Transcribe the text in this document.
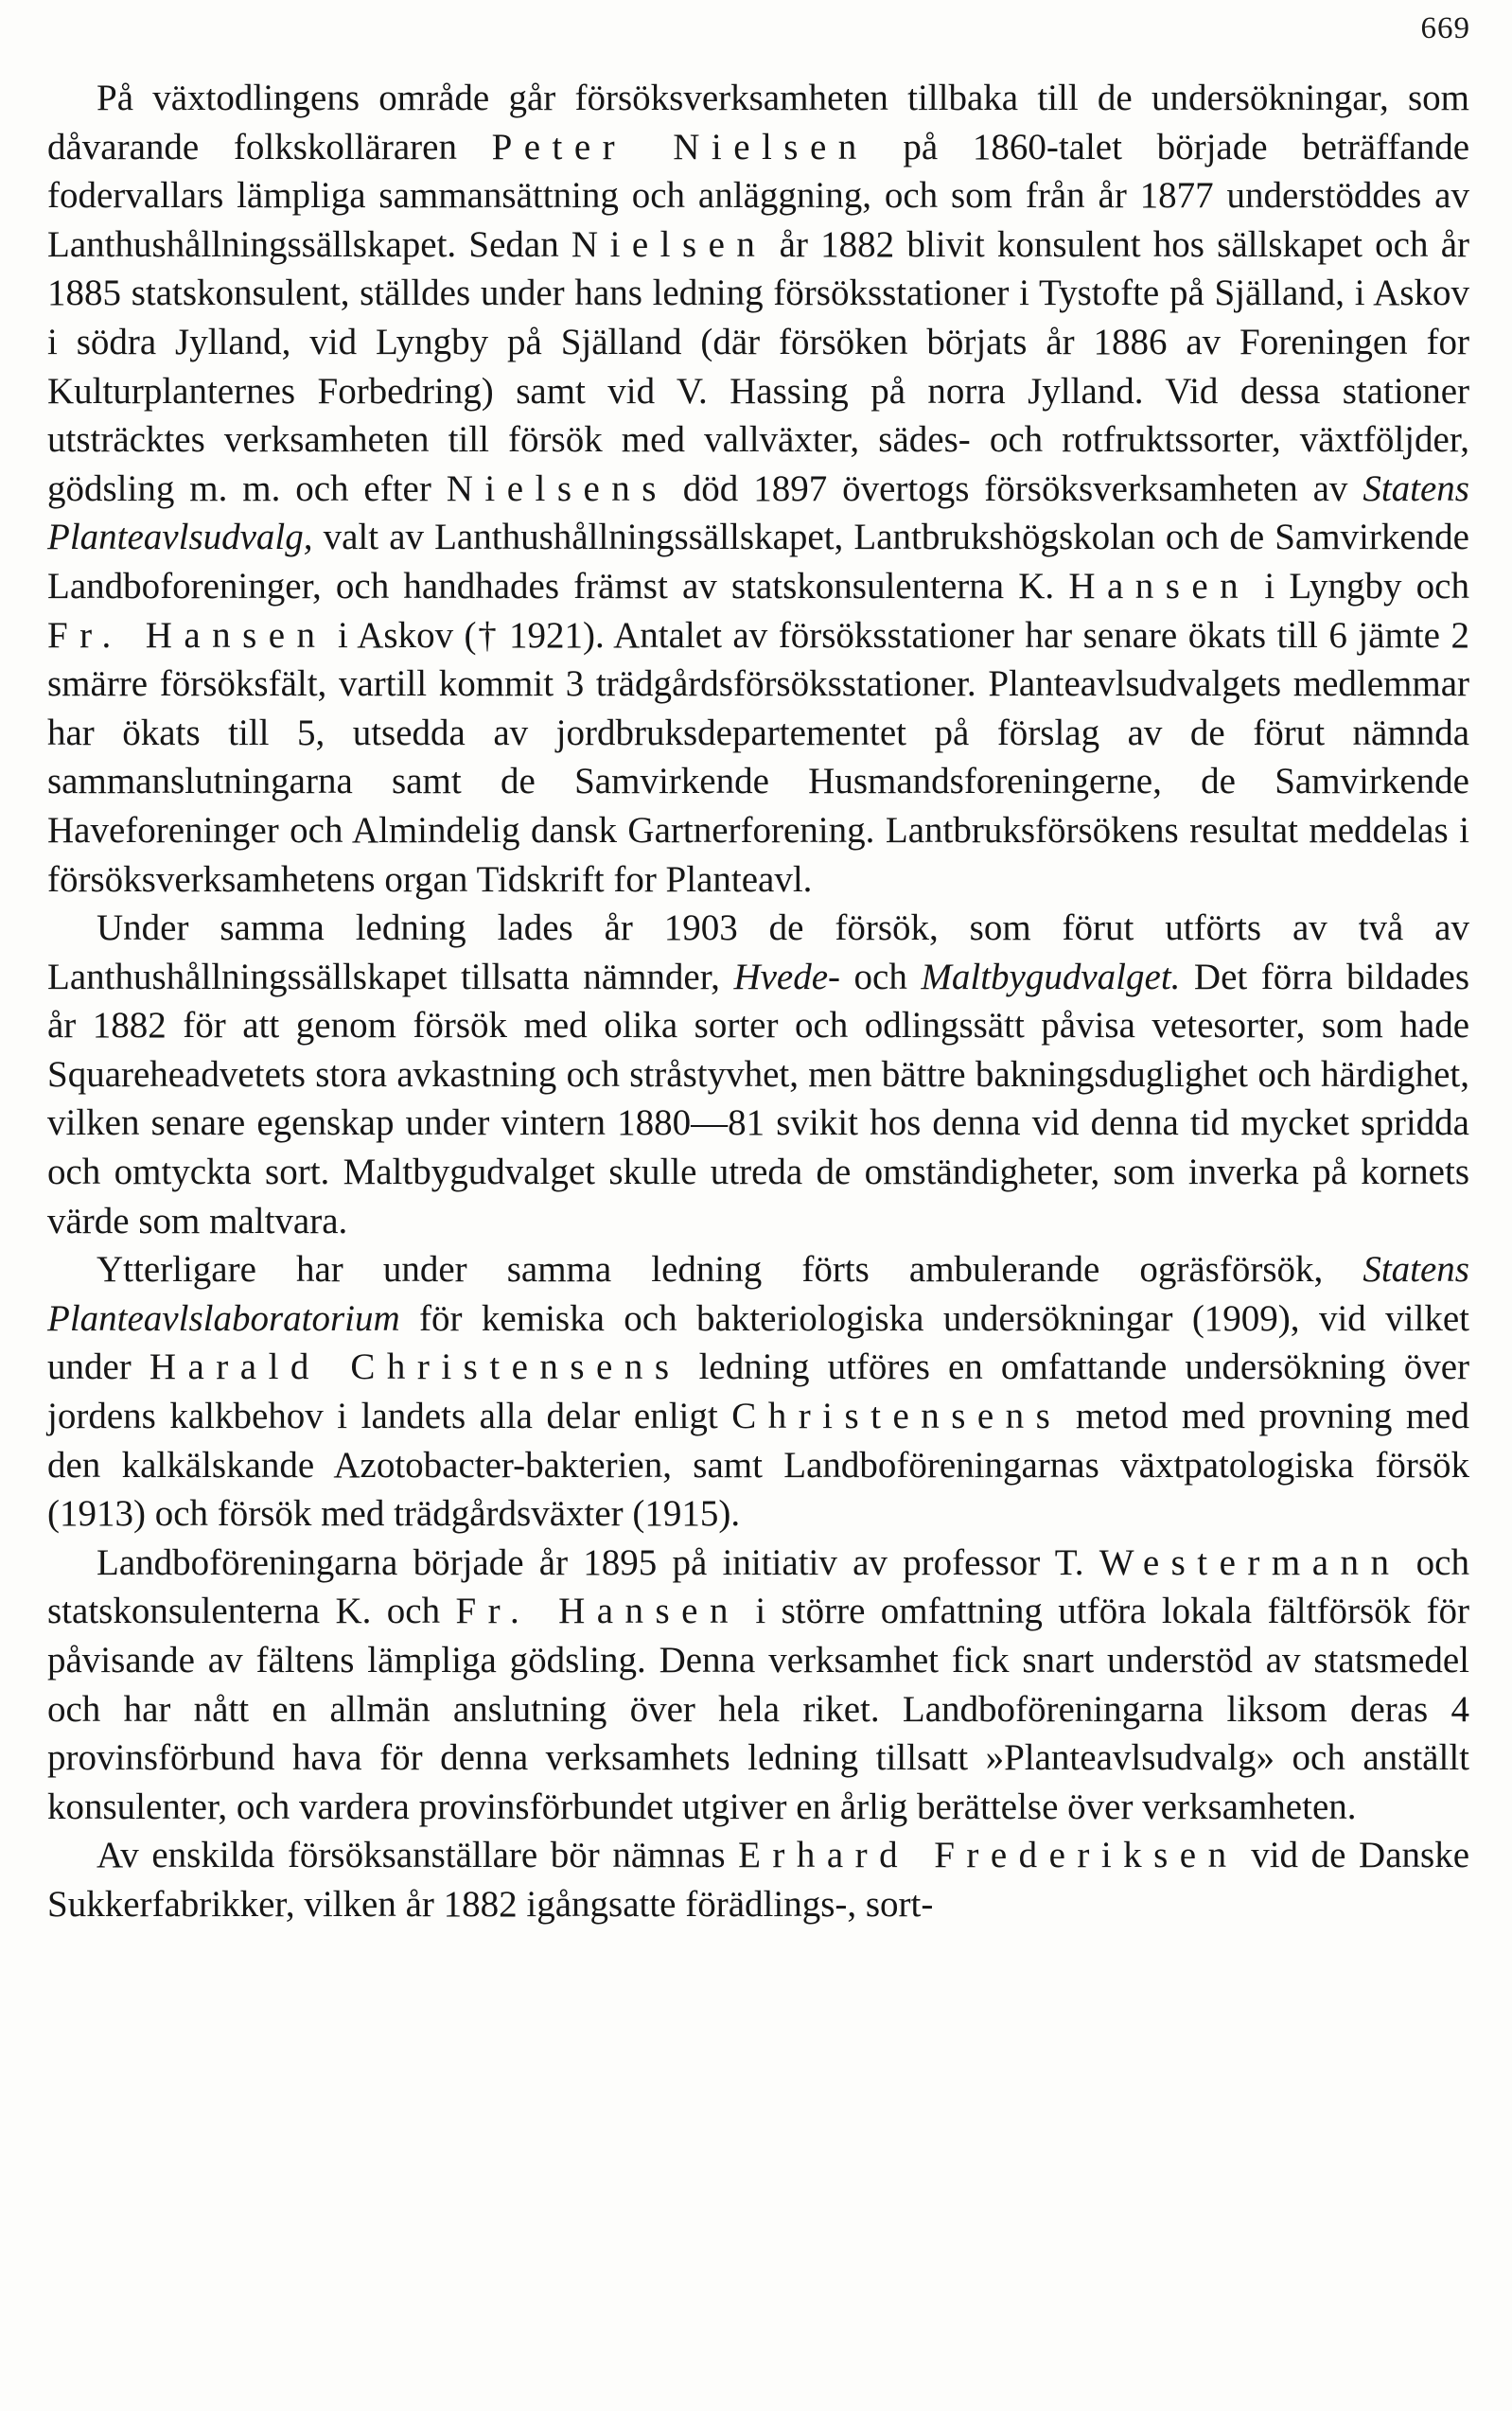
669

På växtodlingens område går försöksverksamheten tillbaka till de undersökningar, som dåvarande folkskolläraren Peter Nielsen på 1860-talet började beträffande fodervallars lämpliga sammansättning och anläggning, och som från år 1877 understöddes av Lanthushållningssällskapet. Sedan Nielsen år 1882 blivit konsulent hos sällskapet och år 1885 statskonsulent, ställdes under hans ledning försöksstationer i Tystofte på Själland, i Askov i södra Jylland, vid Lyngby på Själland (där försöken börjats år 1886 av Foreningen for Kulturplanternes Forbedring) samt vid V. Hassing på norra Jylland. Vid dessa stationer utsträcktes verksamheten till försök med vallväxter, sädes- och rotfruktssorter, växtföljder, gödsling m. m. och efter Nielsens död 1897 övertogs försöksverksamheten av Statens Planteavlsudvalg, valt av Lanthushållningssällskapet, Lantbrukshögskolan och de Samvirkende Landboforeninger, och handhades främst av statskonsulenterna K. Hansen i Lyngby och Fr. Hansen i Askov († 1921). Antalet av försöksstationer har senare ökats till 6 jämte 2 smärre försöksfält, vartill kommit 3 trädgårdsförsöksstationer. Planteavlsudvalgets medlemmar har ökats till 5, utsedda av jordbruksdepartementet på förslag av de förut nämnda sammanslutningarna samt de Samvirkende Husmandsforeningerne, de Samvirkende Haveforeninger och Almindelig dansk Gartnerforening. Lantbruksförsökens resultat meddelas i försöksverksamhetens organ Tidskrift for Planteavl.

Under samma ledning lades år 1903 de försök, som förut utförts av två av Lanthushållningssällskapet tillsatta nämnder, Hvede- och Maltbygudvalget. Det förra bildades år 1882 för att genom försök med olika sorter och odlingssätt påvisa vetesorter, som hade Squareheadvetets stora avkastning och stråstyvhet, men bättre bakningsduglighet och härdighet, vilken senare egenskap under vintern 1880—81 svikit hos denna vid denna tid mycket spridda och omtyckta sort. Maltbygudvalget skulle utreda de omständigheter, som inverka på kornets värde som maltvara.

Ytterligare har under samma ledning förts ambulerande ogräsförsök, Statens Planteavlslaboratorium för kemiska och bakteriologiska undersökningar (1909), vid vilket under Harald Christensens ledning utföres en omfattande undersökning över jordens kalkbehov i landets alla delar enligt Christensens metod med provning med den kalkälskande Azotobacter-bakterien, samt Landboföreningarnas växtpatologiska försök (1913) och försök med trädgårdsväxter (1915).

Landboföreningarna började år 1895 på initiativ av professor T. Westermann och statskonsulenterna K. och Fr. Hansen i större omfattning utföra lokala fältförsök för påvisande av fältens lämpliga gödsling. Denna verksamhet fick snart understöd av statsmedel och har nått en allmän anslutning över hela riket. Landboföreningarna liksom deras 4 provinsförbund hava för denna verksamhets ledning tillsatt »Planteavlsudvalg» och anställt konsulenter, och vardera provinsförbundet utgiver en årlig berättelse över verksamheten.

Av enskilda försöksanställare bör nämnas Erhard Frederiksen vid de Danske Sukkerfabrikker, vilken år 1882 igångsatte förädlings-, sort-
